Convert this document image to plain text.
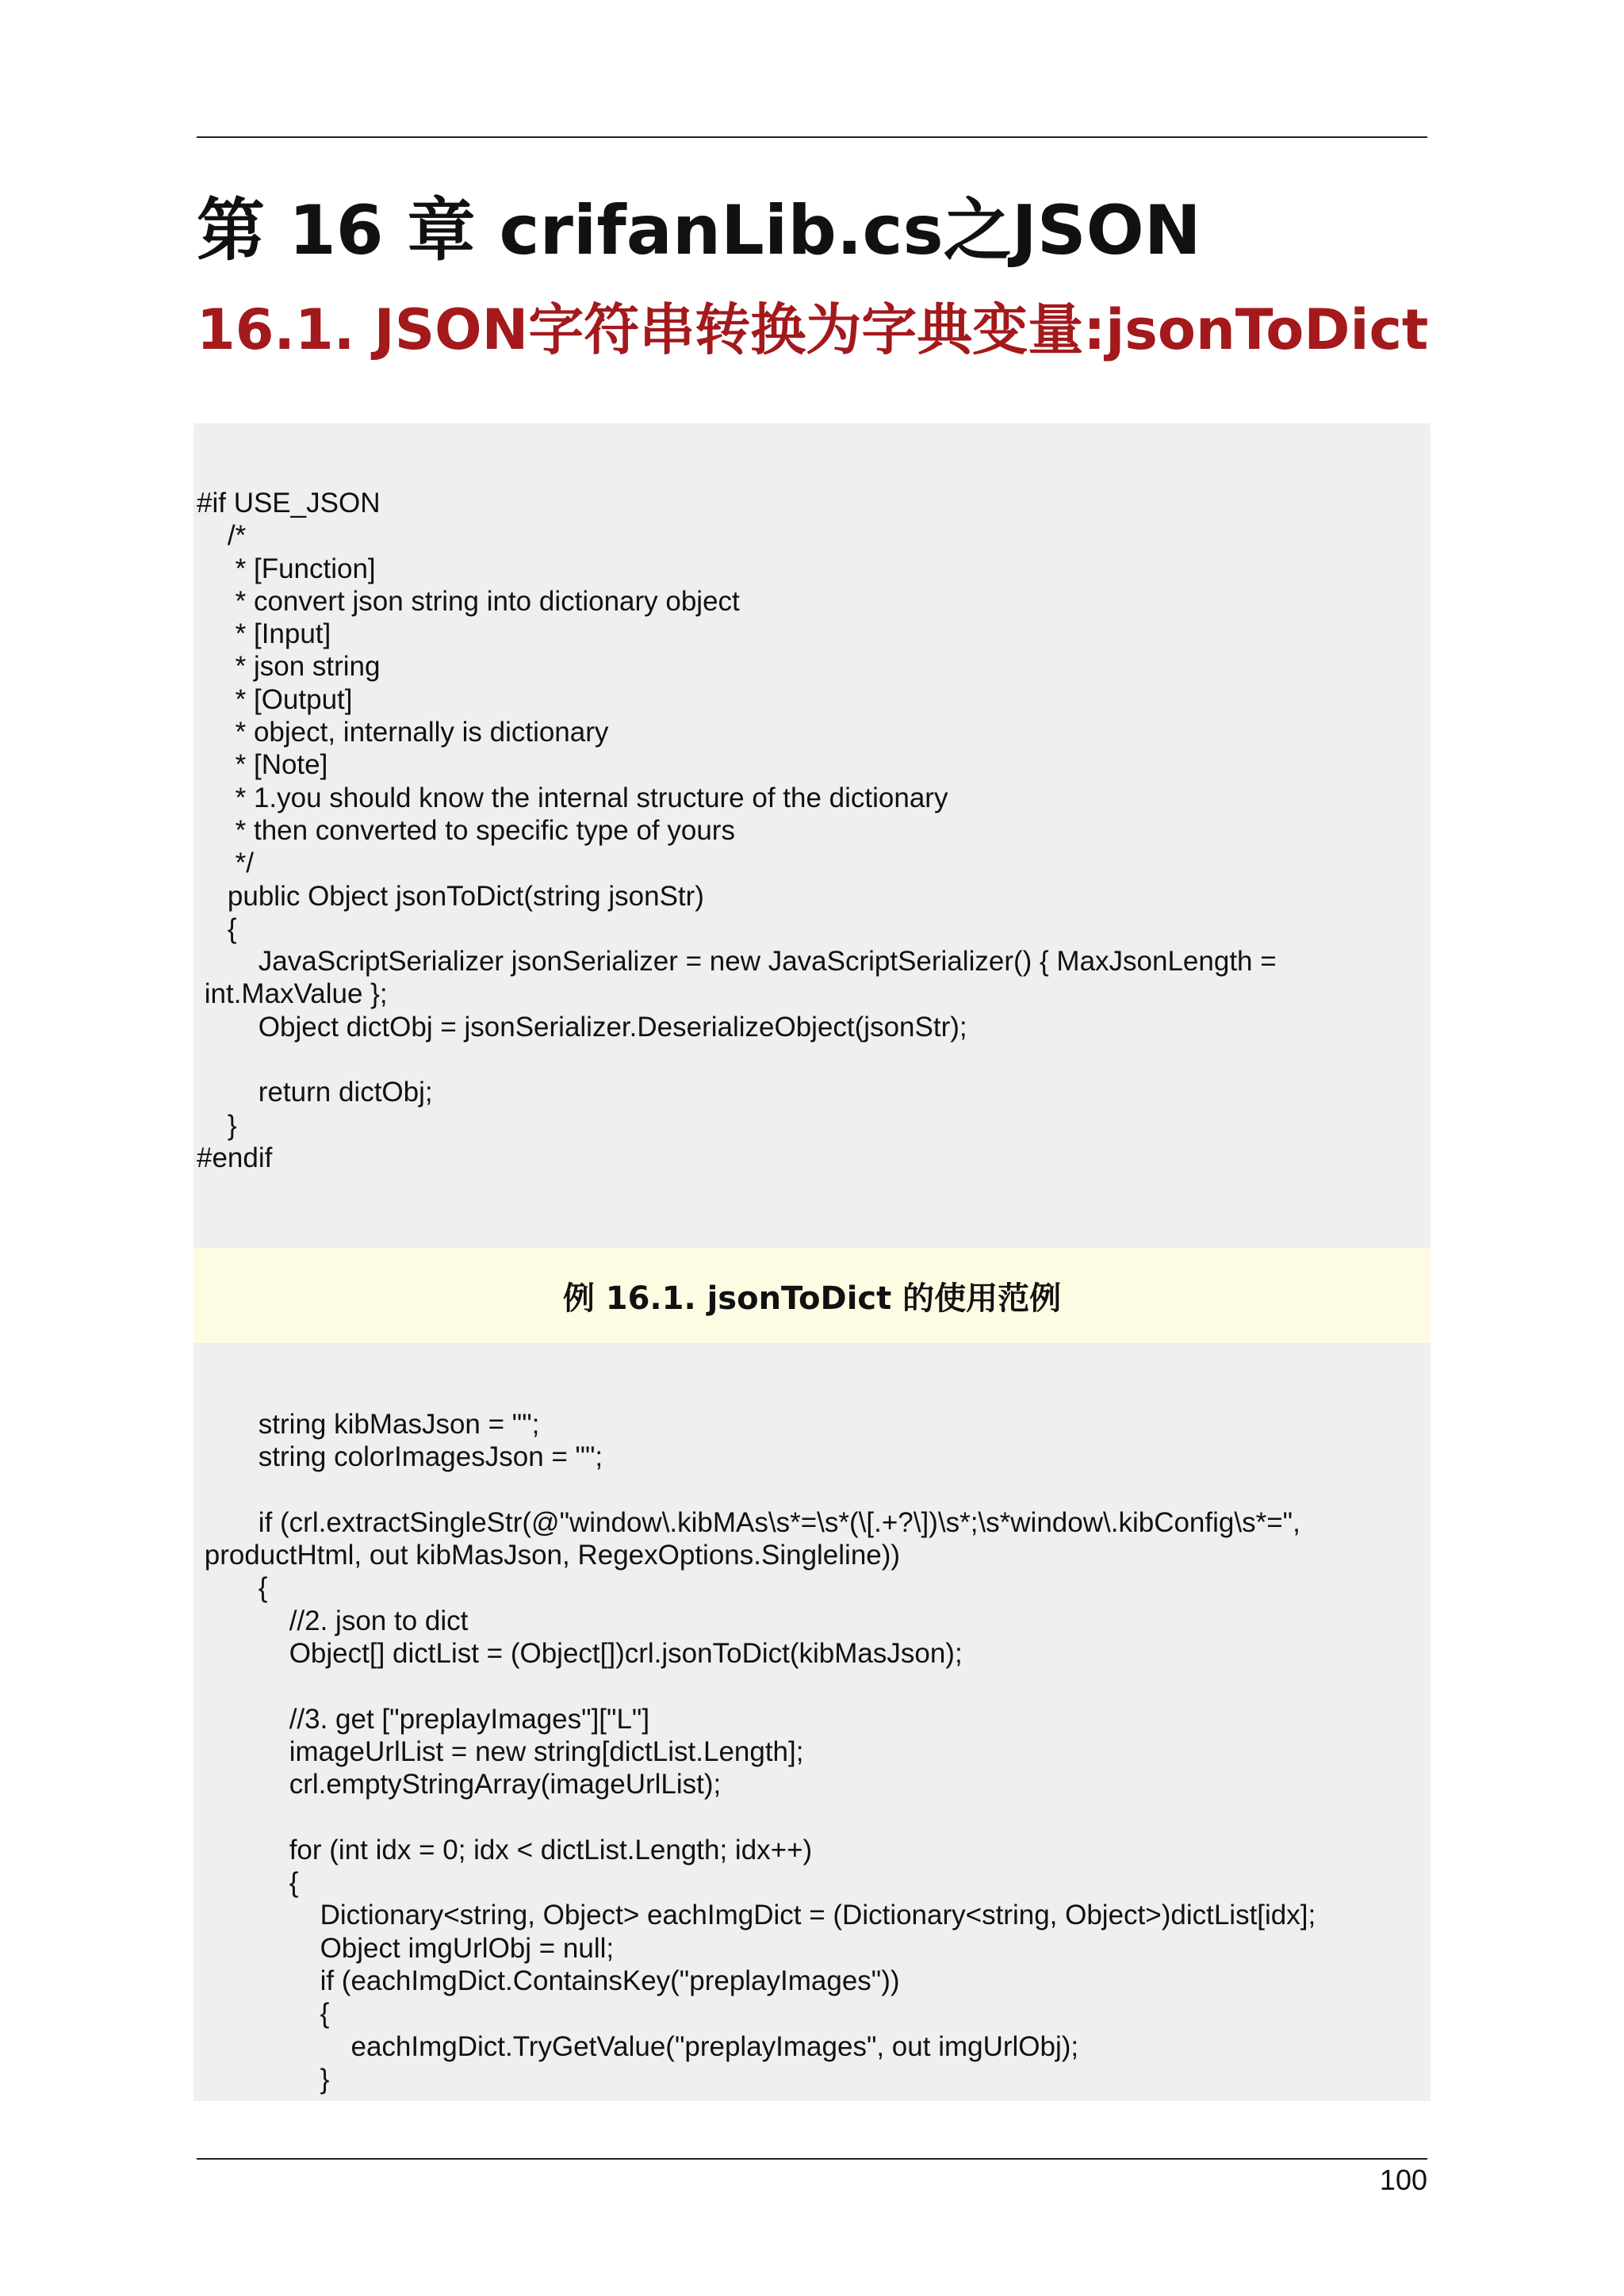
第 16 章 crifanLib.cs之JSON
16.1. JSON字符串转换为字典变量:jsonToDict
#if USE_JSON
/*
* [Function]
* convert json string into dictionary object
* [Input]
* json string
* [Output]
* object, internally is dictionary
* [Note]
* 1.you should know the internal structure of the dictionary
* then converted to specific type of yours
*/
public Object jsonToDict(string jsonStr)
{
JavaScriptSerializer jsonSerializer = new JavaScriptSerializer() { MaxJsonLength =
int.MaxValue };
Object dictObj = jsonSerializer.DeserializeObject(jsonStr);

return dictObj;
}
#endif
例 16.1. jsonToDict 的使用范例
string kibMasJson = "";
string colorImagesJson = "";

if (crl.extractSingleStr(@"window\.kibMAs\s*=\s*(\[.+?\])\s*;\s*window\.kibConfig\s*=",
productHtml, out kibMasJson, RegexOptions.Singleline))
{
//2. json to dict
Object[] dictList = (Object[])crl.jsonToDict(kibMasJson);

//3. get ["preplayImages"]["L"]
imageUrlList = new string[dictList.Length];
crl.emptyStringArray(imageUrlList);

for (int idx = 0; idx < dictList.Length; idx++)
{
Dictionary<string, Object> eachImgDict = (Dictionary<string, Object>)dictList[idx];
Object imgUrlObj = null;
if (eachImgDict.ContainsKey("preplayImages"))
{
eachImgDict.TryGetValue("preplayImages", out imgUrlObj);
}
100
